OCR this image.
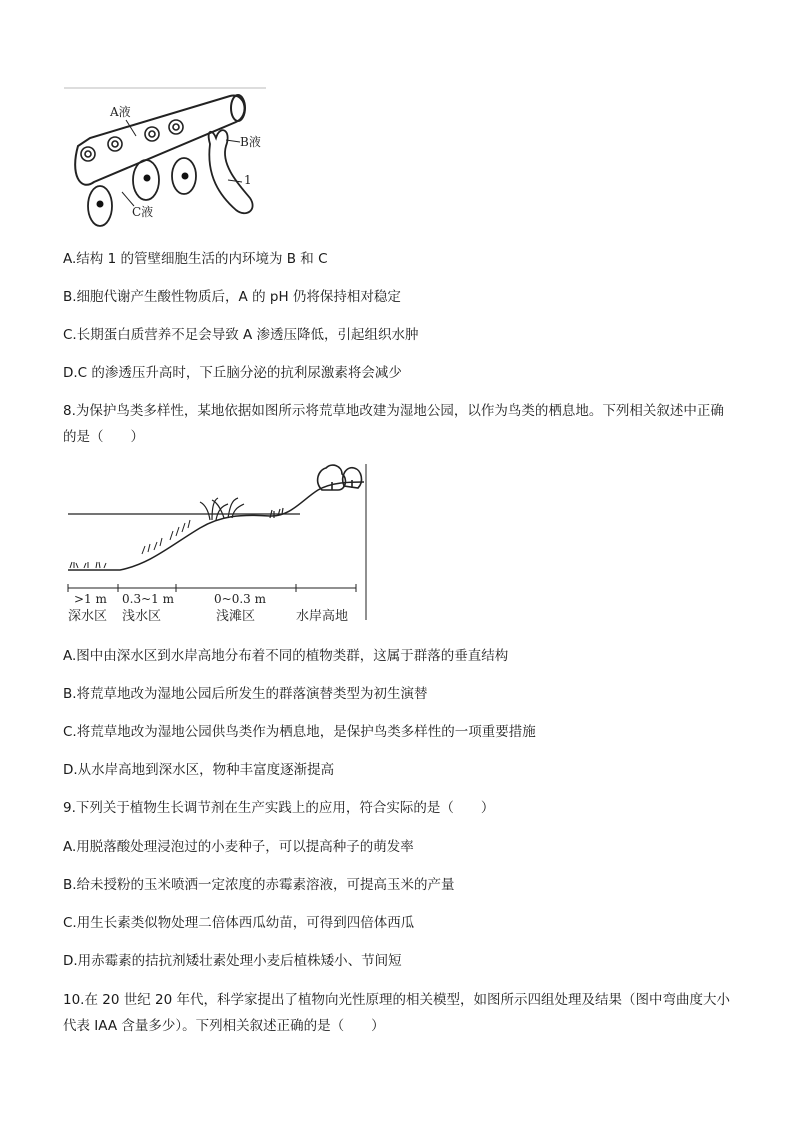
A液
B液
1
C液
A.结构 1 的管壁细胞生活的内环境为 B 和 C
B.细胞代谢产生酸性物质后，A 的 pH 仍将保持相对稳定
C.长期蛋白质营养不足会导致 A 渗透压降低，引起组织水肿
D.C 的渗透压升高时，下丘脑分泌的抗利尿激素将会减少
8.为保护鸟类多样性，某地依据如图所示将荒草地改建为湿地公园，以作为鸟类的栖息地。下列相关叙述中正确的是（　　）
>1 m 0.3~1 m	0~0.3 m
深水区 浅水区	浅滩区	水岸高地
A.图中由深水区到水岸高地分布着不同的植物类群，这属于群落的垂直结构
B.将荒草地改为湿地公园后所发生的群落演替类型为初生演替
C.将荒草地改为湿地公园供鸟类作为栖息地，是保护鸟类多样性的一项重要措施
D.从水岸高地到深水区，物种丰富度逐渐提高
9.下列关于植物生长调节剂在生产实践上的应用，符合实际的是（　　）
A.用脱落酸处理浸泡过的小麦种子，可以提高种子的萌发率
B.给未授粉的玉米喷洒一定浓度的赤霉素溶液，可提高玉米的产量
C.用生长素类似物处理二倍体西瓜幼苗，可得到四倍体西瓜
D.用赤霉素的拮抗剂矮壮素处理小麦后植株矮小、节间短
10.在 20 世纪 20 年代，科学家提出了植物向光性原理的相关模型，如图所示四组处理及结果（图中弯曲度大小代表 IAA 含量多少）。下列相关叙述正确的是（　　）
